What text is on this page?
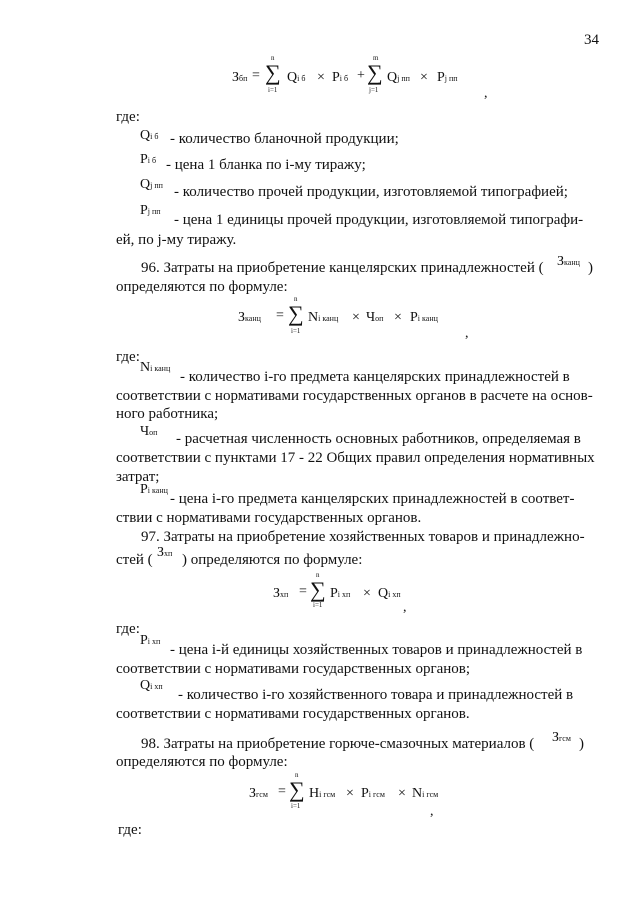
34
Збп =
n
∑
i=1
Qi б × Pi б +
m
∑
j=1
Qj пп × Pj пп
,
где:
Qi б - количество бланочной продукции;
Pi б - цена 1 бланка по i-му тиражу;
Qj пп - количество прочей продукции, изготовляемой типографией;
Pj пп
- цена 1 единицы прочей продукции, изготовляемой типографи-
ей, по j-му тиражу.
96. Затраты на приобретение канцелярских принадлежностей ( Зканц )
определяются по формуле:
Зканц =
n
∑
i=1
Ni канц × Чоп × Pi канц
,
где:
Ni канц
- количество i-го предмета канцелярских принадлежностей в
соответствии с нормативами государственных органов в расчете на основ-
ного работника;
Чоп - расчетная численность основных работников, определяемая в
соответствии с пунктами 17 - 22 Общих правил определения нормативных
затрат;
Pi канц
- цена i-го предмета канцелярских принадлежностей в соответ-
ствии с нормативами государственных органов.
97. Затраты на приобретение хозяйственных товаров и принадлежно-
стей ( Зхп ) определяются по формуле:
Зхп =
n
∑
i=1
Pi хп × Qi хп
,
где:
Pi хп
- цена i-й единицы хозяйственных товаров и принадлежностей в
соответствии с нормативами государственных органов;
Qi хп
- количество i-го хозяйственного товара и принадлежностей в
соответствии с нормативами государственных органов.
98. Затраты на приобретение горюче-смазочных материалов ( Згсм )
определяются по формуле:
Згсм =
n
∑
i=1
Нi гсм × Pi гсм × Ni гсм
,
где:
